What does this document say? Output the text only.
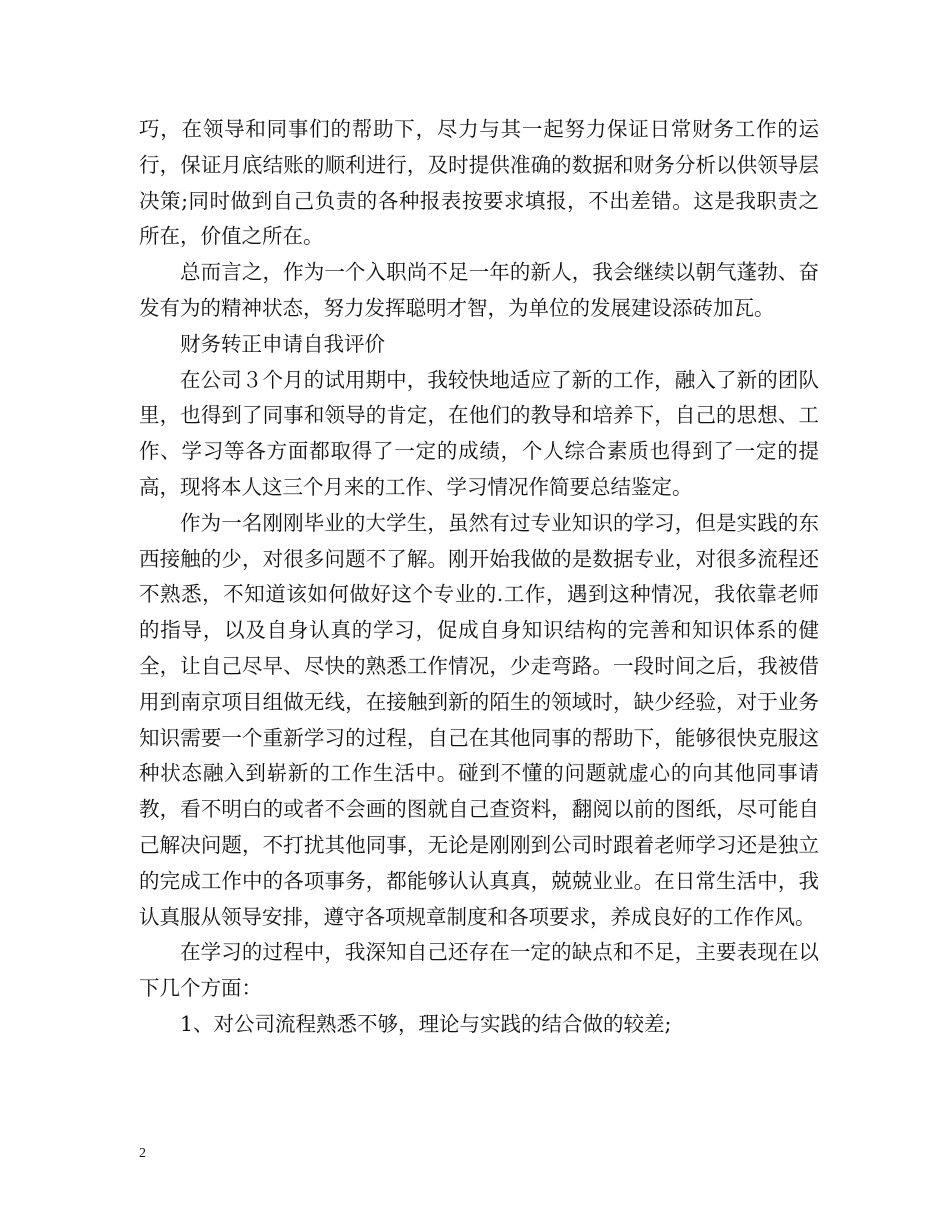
巧，在领导和同事们的帮助下，尽力与其一起努力保证日常财务工作的运行，保证月底结账的顺利进行，及时提供准确的数据和财务分析以供领导层决策;同时做到自己负责的各种报表按要求填报，不出差错。这是我职责之所在，价值之所在。

总而言之，作为一个入职尚不足一年的新人，我会继续以朝气蓬勃、奋发有为的精神状态，努力发挥聪明才智，为单位的发展建设添砖加瓦。

财务转正申请自我评价

在公司３个月的试用期中，我较快地适应了新的工作，融入了新的团队里，也得到了同事和领导的肯定，在他们的教导和培养下，自己的思想、工作、学习等各方面都取得了一定的成绩，个人综合素质也得到了一定的提高，现将本人这三个月来的工作、学习情况作简要总结鉴定。

作为一名刚刚毕业的大学生，虽然有过专业知识的学习，但是实践的东西接触的少，对很多问题不了解。刚开始我做的是数据专业，对很多流程还不熟悉，不知道该如何做好这个专业的.工作，遇到这种情况，我依靠老师的指导，以及自身认真的学习，促成自身知识结构的完善和知识体系的健全，让自己尽早、尽快的熟悉工作情况，少走弯路。一段时间之后，我被借用到南京项目组做无线，在接触到新的陌生的领域时，缺少经验，对于业务知识需要一个重新学习的过程，自己在其他同事的帮助下，能够很快克服这种状态融入到崭新的工作生活中。碰到不懂的问题就虚心的向其他同事请教，看不明白的或者不会画的图就自己查资料，翻阅以前的图纸，尽可能自己解决问题，不打扰其他同事，无论是刚刚到公司时跟着老师学习还是独立的完成工作中的各项事务，都能够认认真真，兢兢业业。在日常生活中，我认真服从领导安排，遵守各项规章制度和各项要求，养成良好的工作作风。

在学习的过程中，我深知自己还存在一定的缺点和不足，主要表现在以下几个方面：

1、对公司流程熟悉不够，理论与实践的结合做的较差;

2
